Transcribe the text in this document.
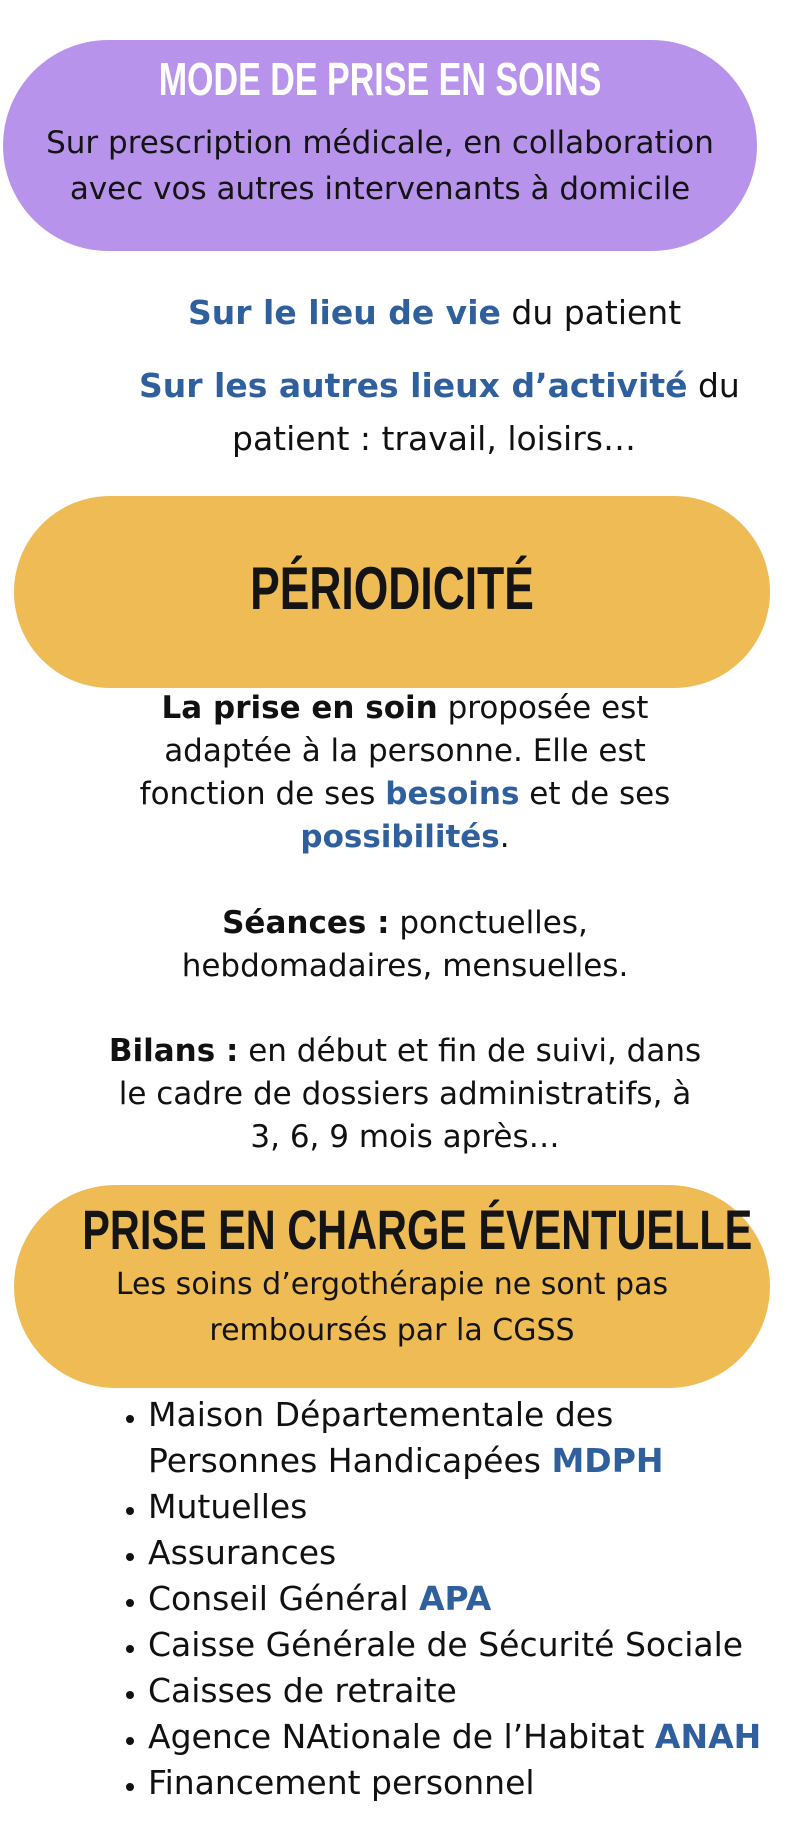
MODE DE PRISE EN SOINS
Sur prescription médicale, en collaboration
avec vos autres intervenants à domicile
Sur le lieu de vie du patient
Sur les autres lieux d’activité du
patient : travail, loisirs…
PÉRIODICITÉ
La prise en soin proposée est
adaptée à la personne. Elle est
fonction de ses besoins et de ses
possibilités.
Séances : ponctuelles,
hebdomadaires, mensuelles.
Bilans : en début et fin de suivi, dans
le cadre de dossiers administratifs, à
3, 6, 9 mois après…
PRISE EN CHARGE ÉVENTUELLE
Les soins d’ergothérapie ne sont pas
remboursés par la CGSS
• Maison Départementale des
Personnes Handicapées MDPH
• Mutuelles
• Assurances
• Conseil Général APA
• Caisse Générale de Sécurité Sociale
• Caisses de retraite
• Agence NAtionale de l’Habitat ANAH
• Financement personnel
